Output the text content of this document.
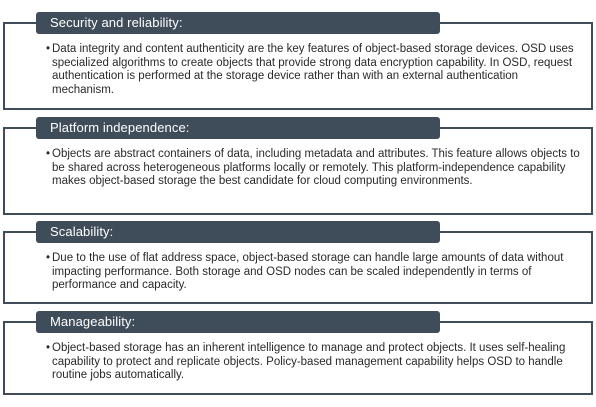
Security and reliability:
• Data integrity and content authenticity are the key features of object-based storage devices. OSD uses specialized algorithms to create objects that provide strong data encryption capability. In OSD, request authentication is performed at the storage device rather than with an external authentication mechanism.
Platform independence:
• Objects are abstract containers of data, including metadata and attributes. This feature allows objects to be shared across heterogeneous platforms locally or remotely. This platform-independence capability makes object-based storage the best candidate for cloud computing environments.
Scalability:
• Due to the use of flat address space, object-based storage can handle large amounts of data without impacting performance. Both storage and OSD nodes can be scaled independently in terms of performance and capacity.
Manageability:
• Object-based storage has an inherent intelligence to manage and protect objects. It uses self-healing capability to protect and replicate objects. Policy-based management capability helps OSD to handle routine jobs automatically.
